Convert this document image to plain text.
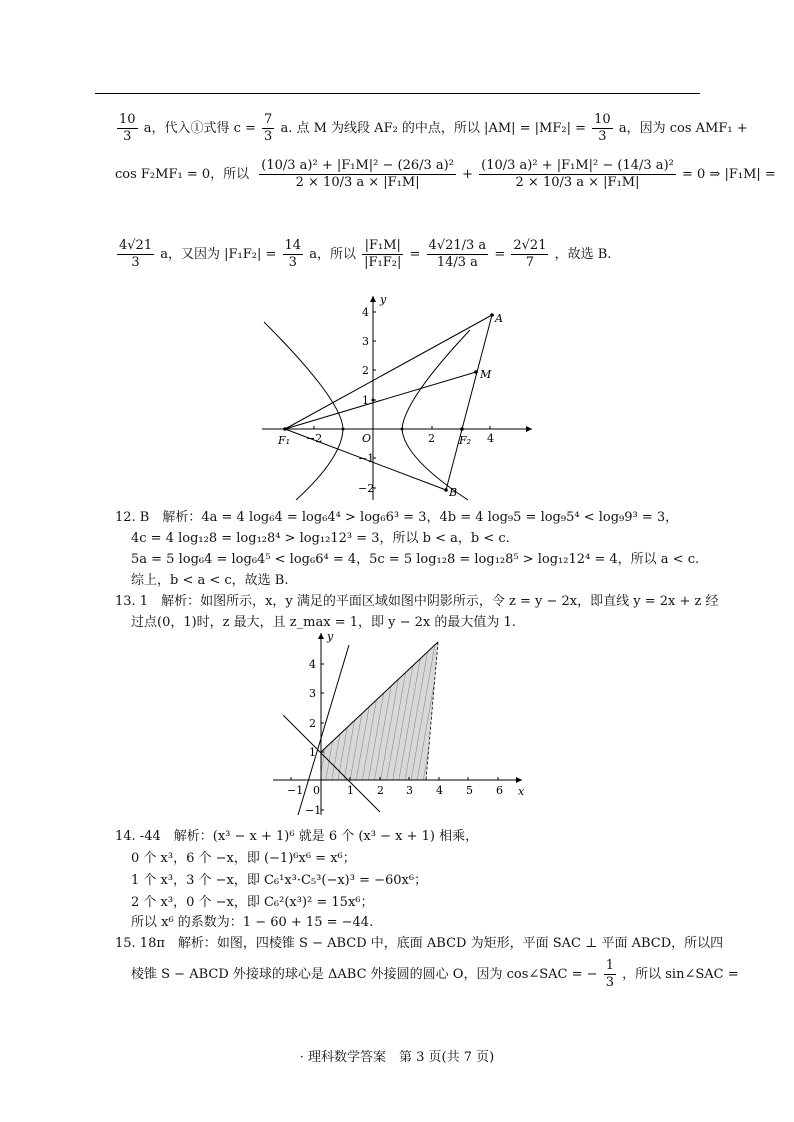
$\frac{10}{3}$ a，代入①式得 $c = \frac{7}{3} a$. 点 M 为线段 AF₂ 的中点，所以 $|AM| = |MF_2| = \frac{10}{3}$ a，因为 cos AMF₁ +
cos F₂MF₁ = 0，所以 $\frac{\text{(10/3 a)² + |F₁M|² − (26/3 a)²}}{\text{2 × 10/3 a × |F₁M|}} + \frac{\text{(10/3 a)² + |F₁M|² − (14/3 a)²}}{\text{2 × 10/3 a × |F₁M|}} = 0$ ⇒ |F₁M| =
$\frac{4√21}{3}$ a，又因为 $|F_1F_2| = \frac{14}{3}$ a，所以 $\frac{\text{|F₁M|}}{\text{|F₁F₂|}} = \frac{4√21/3 a}{14/3 a} = \frac{2√21}{7}$ ，故选 B.
y
−2	O	2	4
4
3
2
1
−1
−2
A
M
B
F₁	F₂
12. B　解析：4a = 4 log₆4 = log₆4⁴ > log₆6³ = 3，4b = 4 log₉5 = log₉5⁴ < log₉9³ = 3，
4c = 4 log₁₂8 = log₁₂8⁴ > log₁₂12³ = 3，所以 b < a，b < c.
5a = 5 log₆4 = log₆4⁵ < log₆6⁴ = 4，5c = 5 log₁₂8 = log₁₂8⁵ > log₁₂12⁴ = 4，所以 a < c.
综上，b < a < c，故选 B.
13. 1　解析：如图所示，x，y 满足的平面区域如图中阴影所示，令 z = y − 2x，即直线 y = 2x + z 经
过点(0，1)时，z 最大，且 z_max = 1，即 y − 2x 的最大值为 1.
x
y
−1 0 1 2 3 4 5 6
4
3
2
1
−1
14. -44　解析：(x³ − x + 1)⁶ 就是 6 个 (x³ − x + 1) 相乘，
0 个 x³，6 个 −x，即 (−1)⁶x⁶ = x⁶；
1 个 x³，3 个 −x，即 C₆¹x³·C₅³(−x)³ = −60x⁶；
2 个 x³，0 个 −x，即 C₆²(x³)² = 15x⁶；
所以 x⁶ 的系数为：1 − 60 + 15 = −44.
15. 18π　解析：如图，四棱锥 S − ABCD 中，底面 ABCD 为矩形，平面 SAC ⊥ 平面 ABCD，所以四
棱锥 S − ABCD 外接球的球心是 ΔABC 外接圆的圆心 O，因为 cos∠SAC = − $\frac{1}{3}$ ，所以 sin∠SAC =
· 理科数学答案　第 3 页(共 7 页)
